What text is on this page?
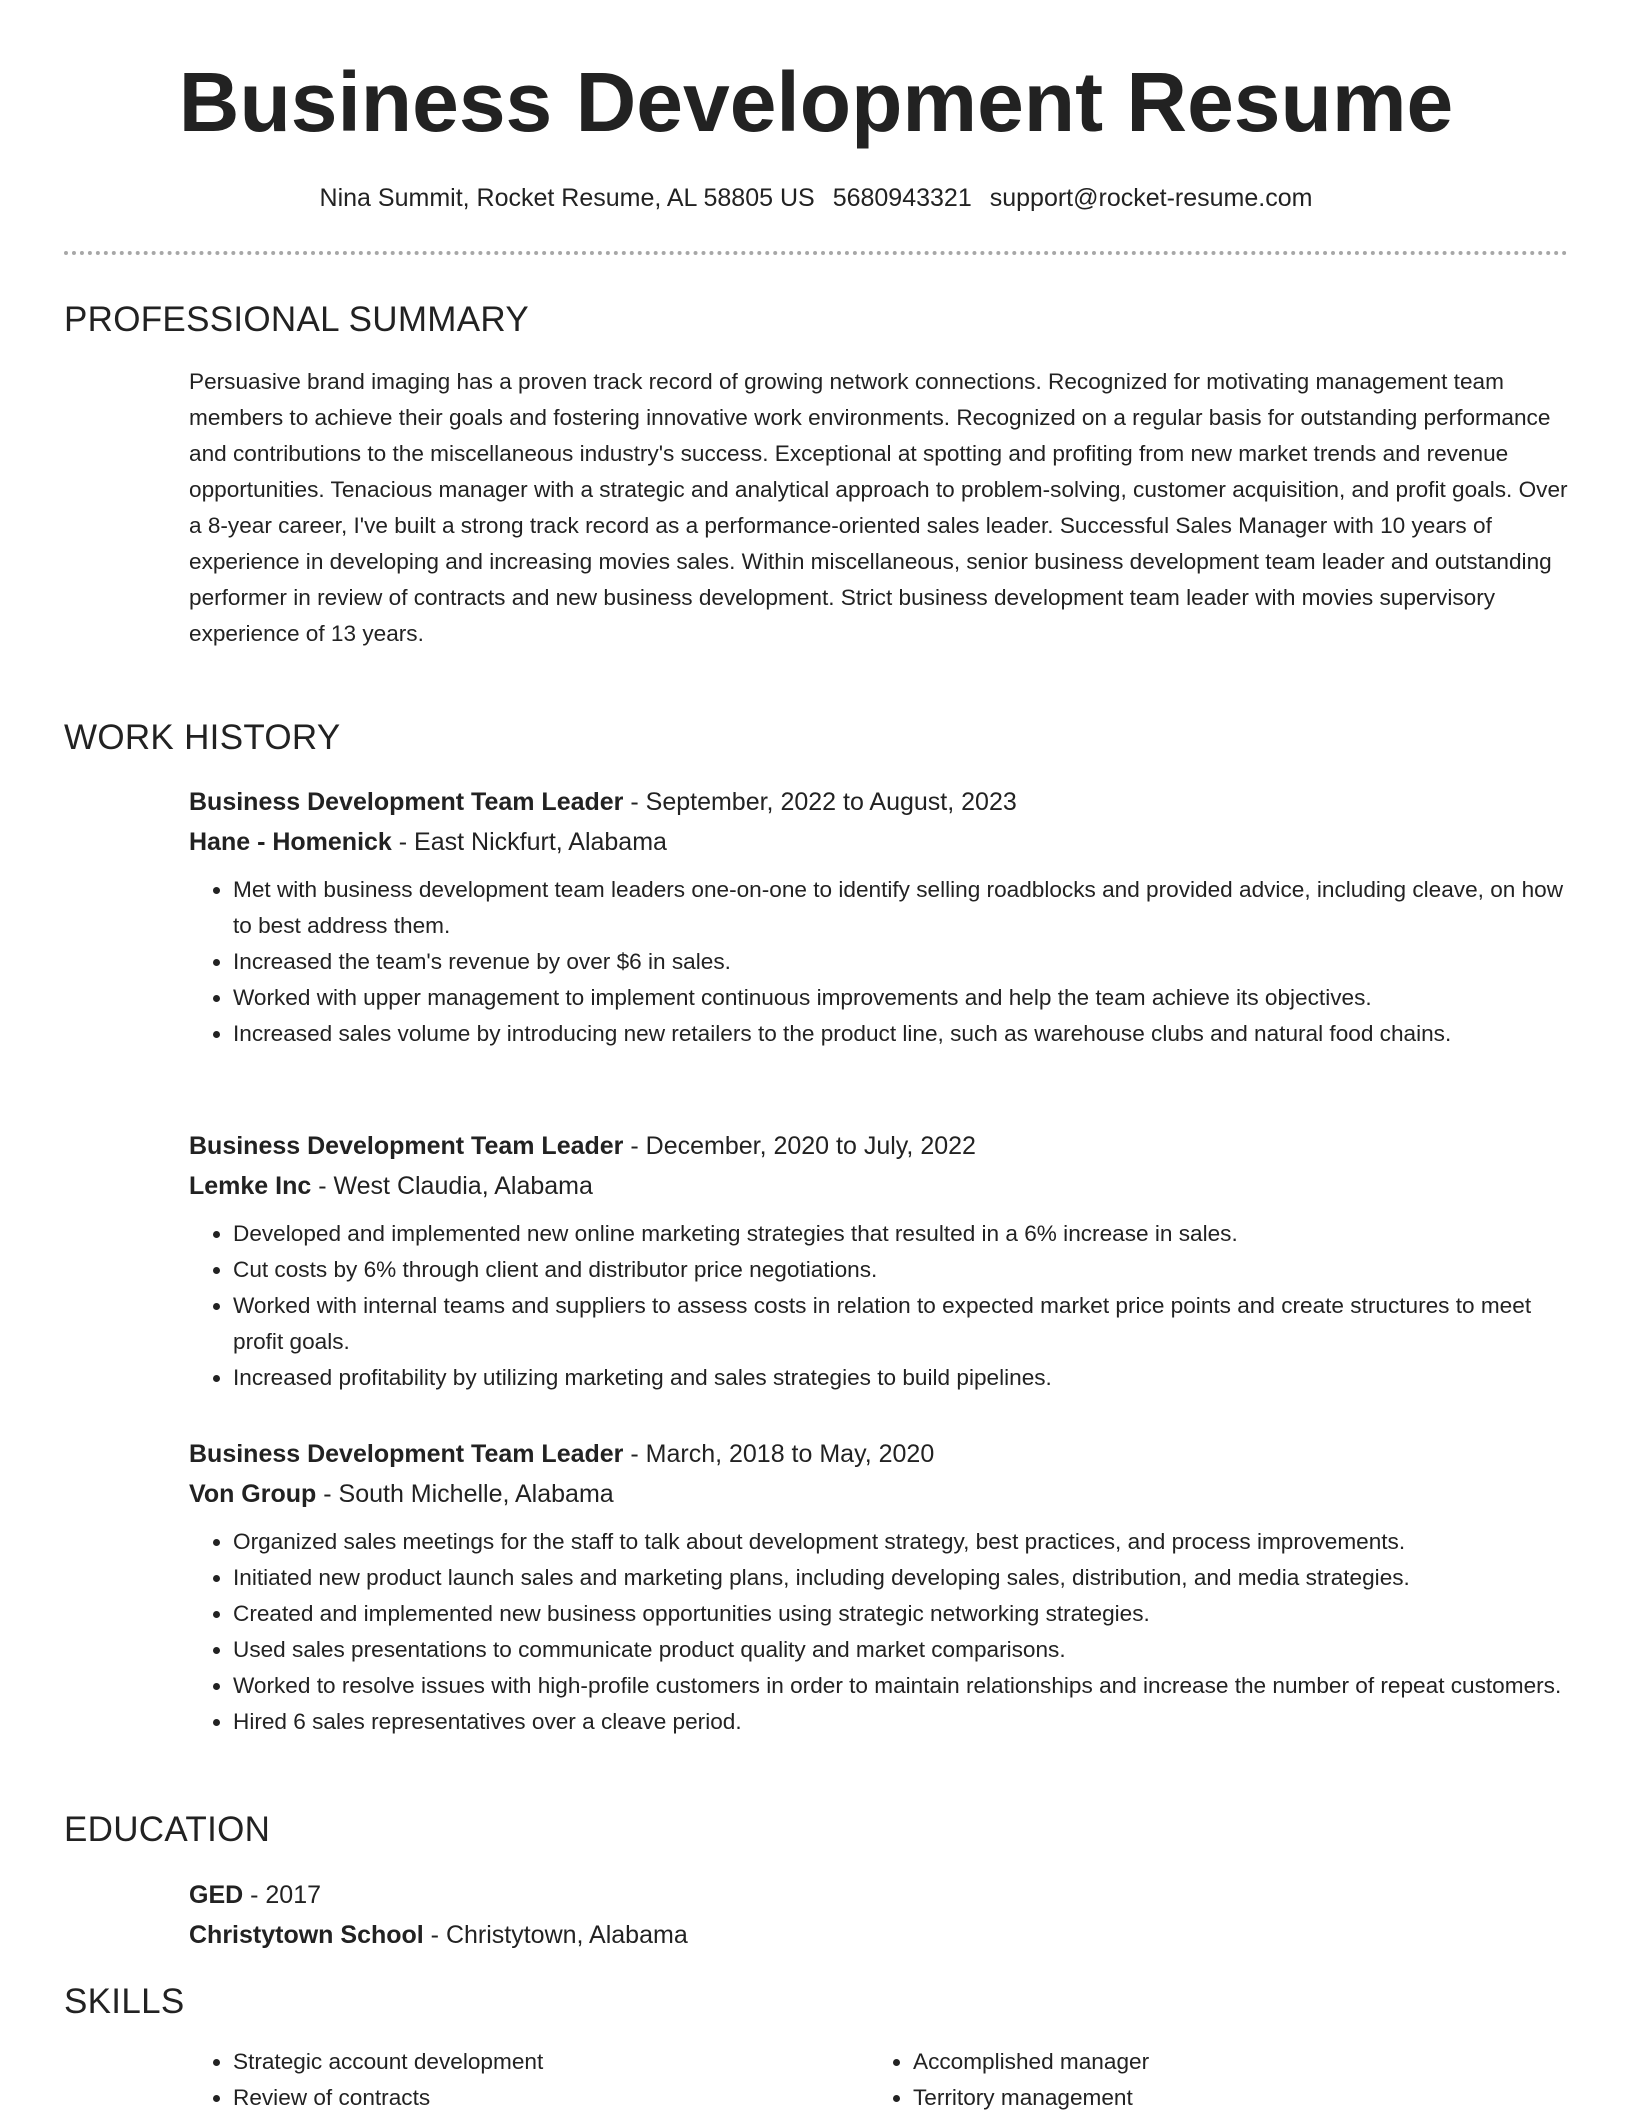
Business Development Resume
Nina Summit, Rocket Resume, AL 58805 US 5680943321 support@rocket-resume.com
PROFESSIONAL SUMMARY
Persuasive brand imaging has a proven track record of growing network connections. Recognized for motivating management team members to achieve their goals and fostering innovative work environments. Recognized on a regular basis for outstanding performance and contributions to the miscellaneous industry's success. Exceptional at spotting and profiting from new market trends and revenue opportunities. Tenacious manager with a strategic and analytical approach to problem-solving, customer acquisition, and profit goals. Over a 8-year career, I've built a strong track record as a performance-oriented sales leader. Successful Sales Manager with 10 years of experience in developing and increasing movies sales. Within miscellaneous, senior business development team leader and outstanding performer in review of contracts and new business development. Strict business development team leader with movies supervisory experience of 13 years.
WORK HISTORY
Business Development Team Leader - September, 2022 to August, 2023
Hane - Homenick - East Nickfurt, Alabama
• Met with business development team leaders one-on-one to identify selling roadblocks and provided advice, including cleave, on how to best address them.
• Increased the team's revenue by over $6 in sales.
• Worked with upper management to implement continuous improvements and help the team achieve its objectives.
• Increased sales volume by introducing new retailers to the product line, such as warehouse clubs and natural food chains.
Business Development Team Leader - December, 2020 to July, 2022
Lemke Inc - West Claudia, Alabama
• Developed and implemented new online marketing strategies that resulted in a 6% increase in sales.
• Cut costs by 6% through client and distributor price negotiations.
• Worked with internal teams and suppliers to assess costs in relation to expected market price points and create structures to meet profit goals.
• Increased profitability by utilizing marketing and sales strategies to build pipelines.
Business Development Team Leader - March, 2018 to May, 2020
Von Group - South Michelle, Alabama
• Organized sales meetings for the staff to talk about development strategy, best practices, and process improvements.
• Initiated new product launch sales and marketing plans, including developing sales, distribution, and media strategies.
• Created and implemented new business opportunities using strategic networking strategies.
• Used sales presentations to communicate product quality and market comparisons.
• Worked to resolve issues with high-profile customers in order to maintain relationships and increase the number of repeat customers.
• Hired 6 sales representatives over a cleave period.
EDUCATION
GED - 2017
Christytown School - Christytown, Alabama
SKILLS
• Strategic account development	• Accomplished manager
• Review of contracts	• Territory management
